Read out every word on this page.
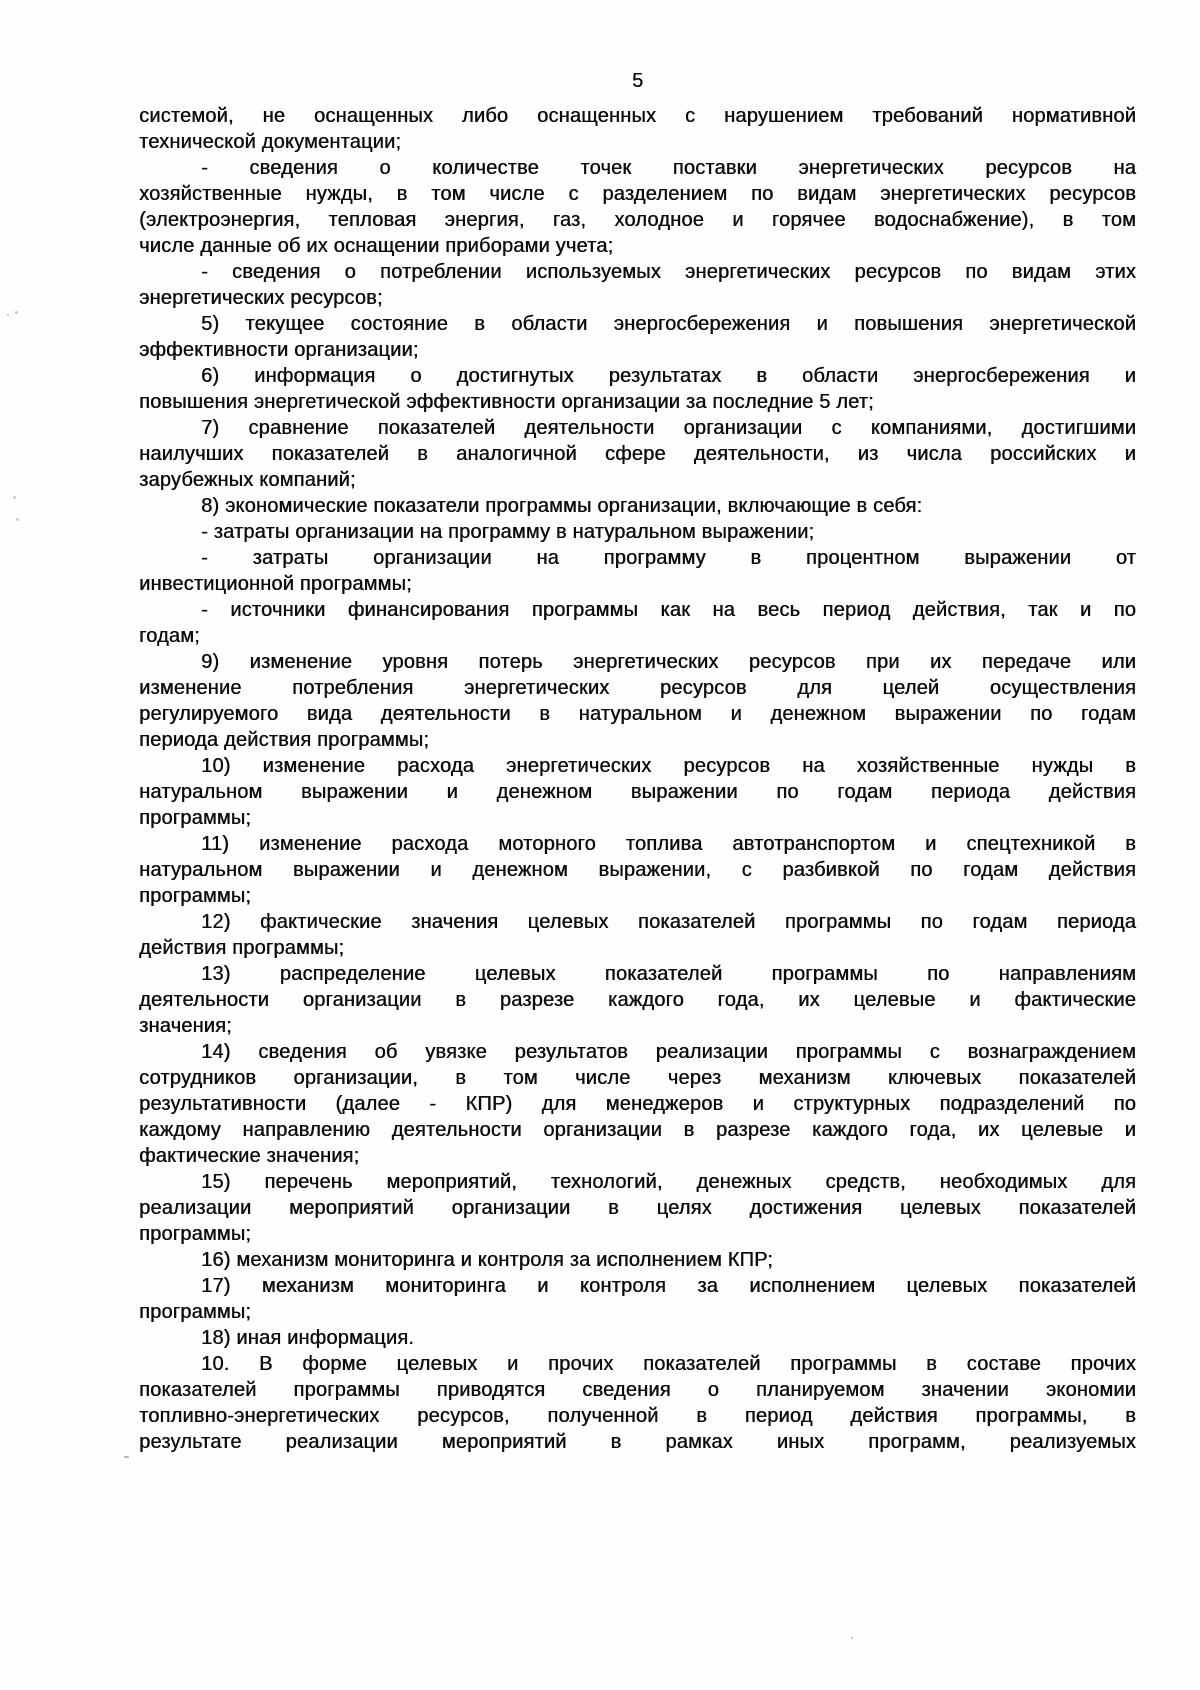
5
системой, не оснащенных либо оснащенных с нарушением требований нормативной
технической документации;
- сведения о количестве точек поставки энергетических ресурсов на
хозяйственные нужды, в том числе с разделением по видам энергетических ресурсов
(электроэнергия, тепловая энергия, газ, холодное и горячее водоснабжение), в том
числе данные об их оснащении приборами учета;
- сведения о потреблении используемых энергетических ресурсов по видам этих
энергетических ресурсов;
5) текущее состояние в области энергосбережения и повышения энергетической
эффективности организации;
6) информация о достигнутых результатах в области энергосбережения и
повышения энергетической эффективности организации за последние 5 лет;
7) сравнение показателей деятельности организации с компаниями, достигшими
наилучших показателей в аналогичной сфере деятельности, из числа российских и
зарубежных компаний;
8) экономические показатели программы организации, включающие в себя:
- затраты организации на программу в натуральном выражении;
- затраты организации на программу в процентном выражении от
инвестиционной программы;
- источники финансирования программы как на весь период действия, так и по
годам;
9) изменение уровня потерь энергетических ресурсов при их передаче или
изменение потребления энергетических ресурсов для целей осуществления
регулируемого вида деятельности в натуральном и денежном выражении по годам
периода действия программы;
10) изменение расхода энергетических ресурсов на хозяйственные нужды в
натуральном выражении и денежном выражении по годам периода действия
программы;
11) изменение расхода моторного топлива автотранспортом и спецтехникой в
натуральном выражении и денежном выражении, с разбивкой по годам действия
программы;
12) фактические значения целевых показателей программы по годам периода
действия программы;
13) распределение целевых показателей программы по направлениям
деятельности организации в разрезе каждого года, их целевые и фактические
значения;
14) сведения об увязке результатов реализации программы с вознаграждением
сотрудников организации, в том числе через механизм ключевых показателей
результативности (далее - КПР) для менеджеров и структурных подразделений по
каждому направлению деятельности организации в разрезе каждого года, их целевые и
фактические значения;
15) перечень мероприятий, технологий, денежных средств, необходимых для
реализации мероприятий организации в целях достижения целевых показателей
программы;
16) механизм мониторинга и контроля за исполнением КПР;
17) механизм мониторинга и контроля за исполнением целевых показателей
программы;
18) иная информация.
10. В форме целевых и прочих показателей программы в составе прочих
показателей программы приводятся сведения о планируемом значении экономии
топливно-энергетических ресурсов, полученной в период действия программы, в
результате реализации мероприятий в рамках иных программ, реализуемых
